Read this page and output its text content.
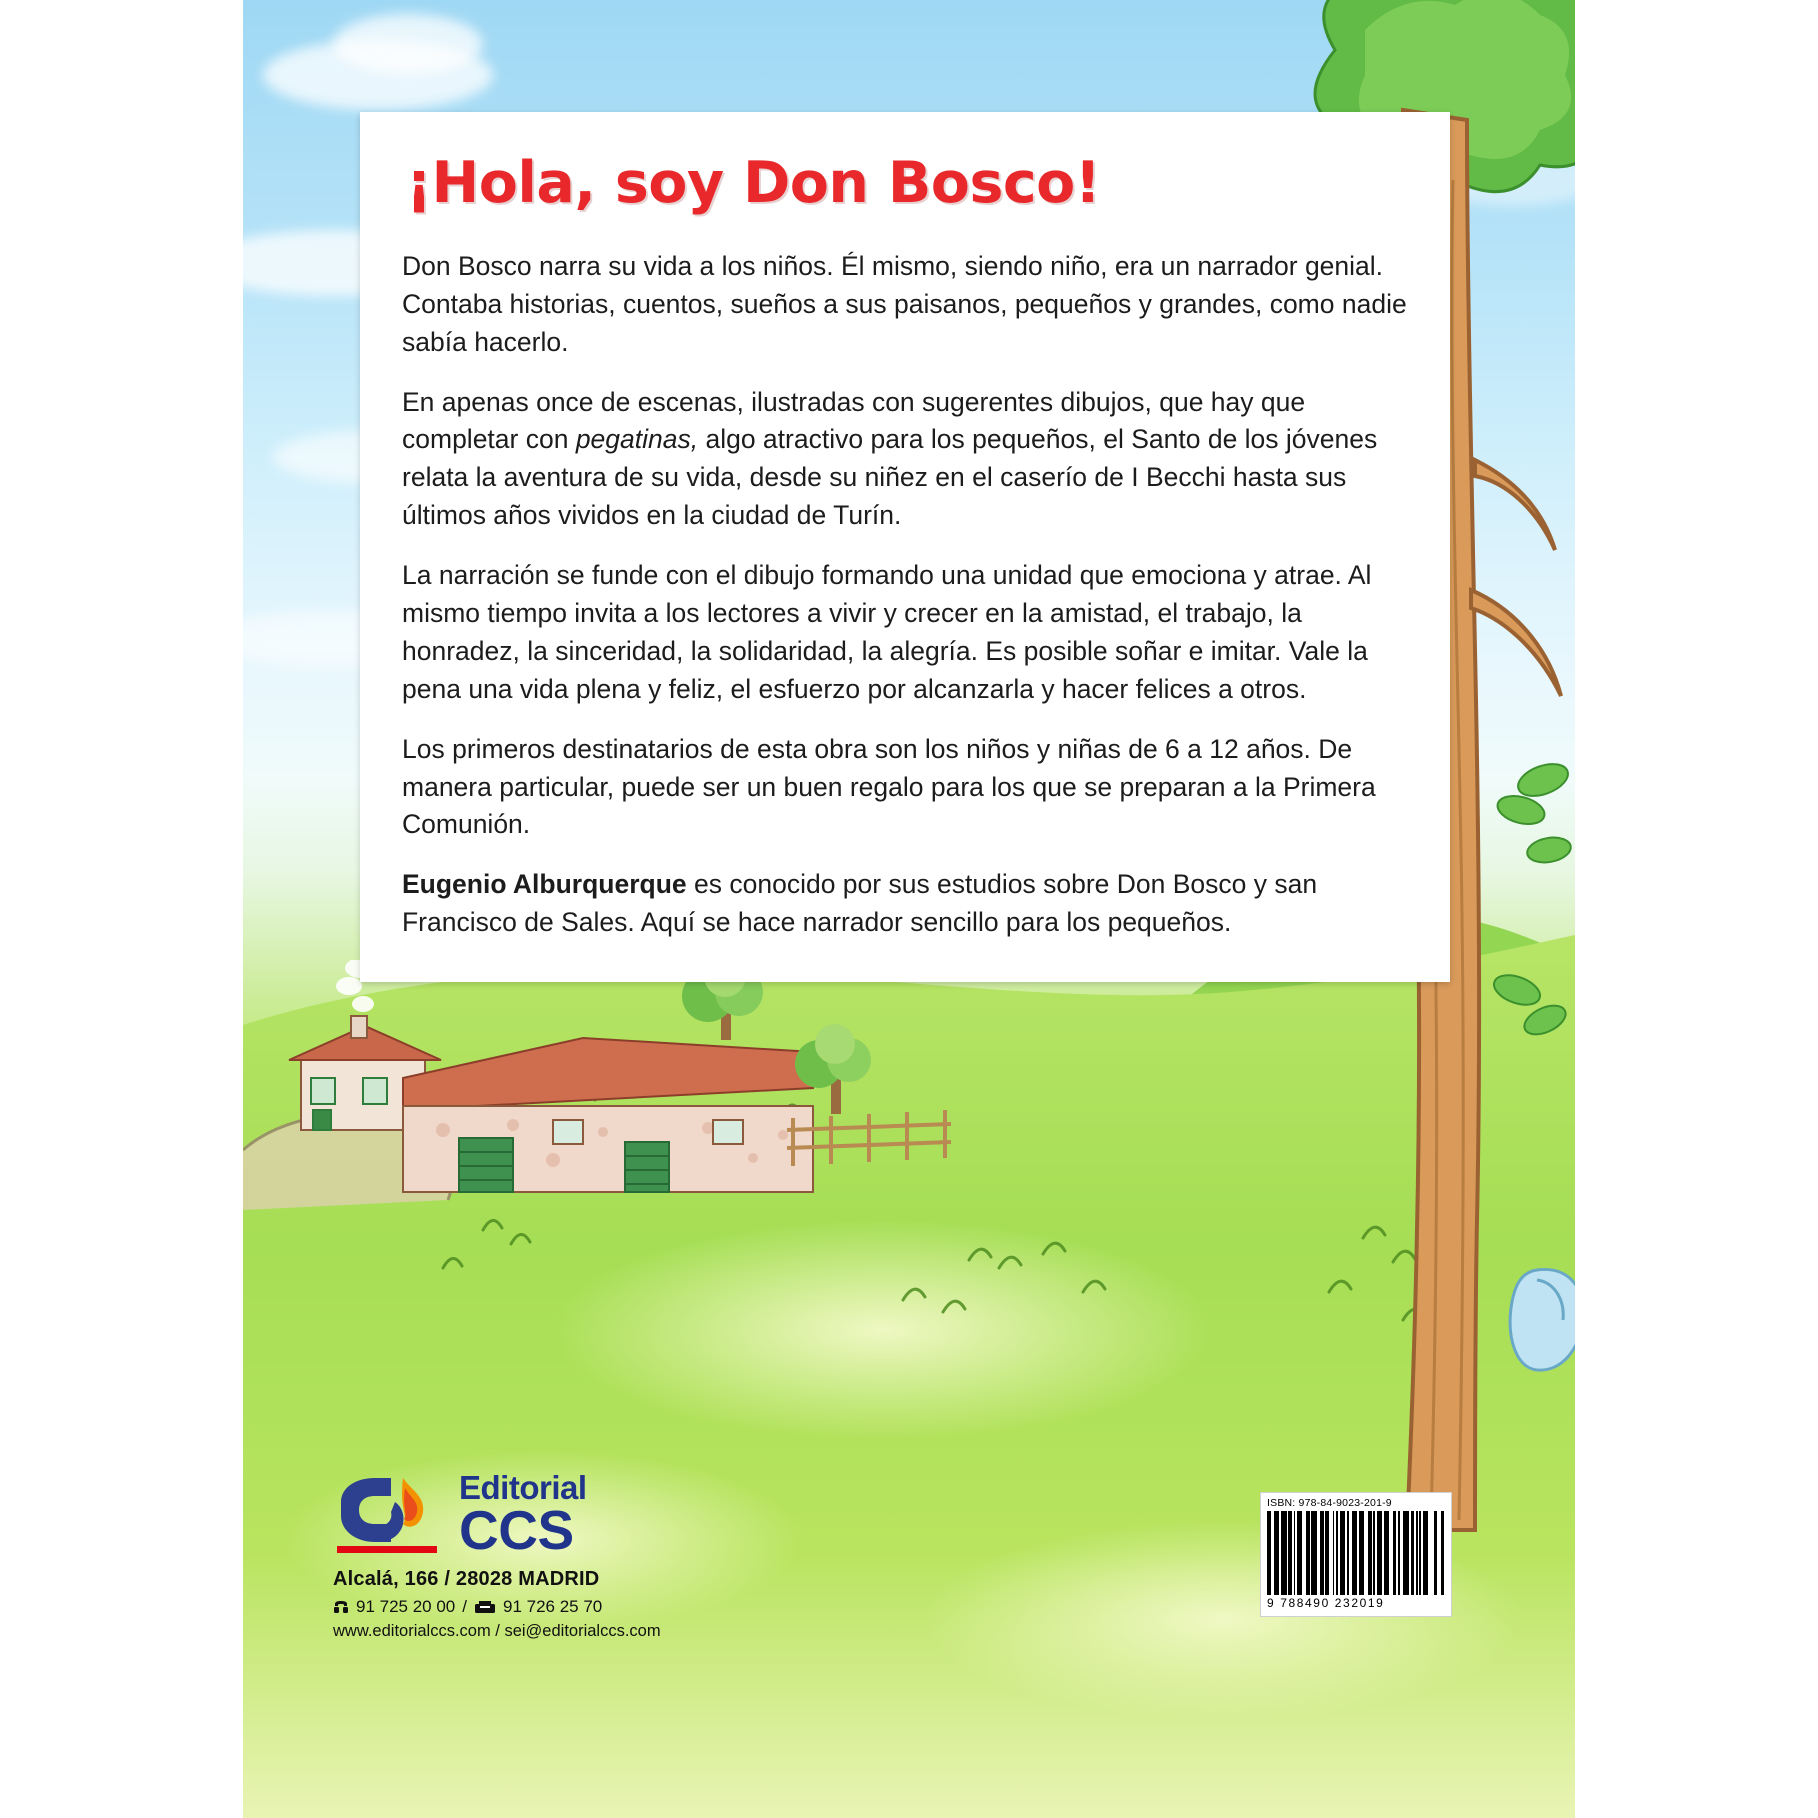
¡Hola, soy Don Bosco!

Don Bosco narra su vida a los niños. Él mismo, siendo niño, era un narrador genial. Contaba historias, cuentos, sueños a sus paisanos, pequeños y grandes, como nadie sabía hacerlo.

En apenas once de escenas, ilustradas con sugerentes dibujos, que hay que completar con pegatinas, algo atractivo para los pequeños, el Santo de los jóvenes relata la aventura de su vida, desde su niñez en el caserío de I Becchi hasta sus últimos años vividos en la ciudad de Turín.

La narración se funde con el dibujo formando una unidad que emociona y atrae. Al mismo tiempo invita a los lectores a vivir y crecer en la amistad, el trabajo, la honradez, la sinceridad, la solidaridad, la alegría. Es posible soñar e imitar. Vale la pena una vida plena y feliz, el esfuerzo por alcanzarla y hacer felices a otros.

Los primeros destinatarios de esta obra son los niños y niñas de 6 a 12 años. De manera particular, puede ser un buen regalo para los que se preparan a la Primera Comunión.

Eugenio Alburquerque es conocido por sus estudios sobre Don Bosco y san Francisco de Sales. Aquí se hace narrador sencillo para los pequeños.

Editorial
CCS
Alcalá, 166 / 28028 MADRID
91 725 20 00 / 91 726 25 70
www.editorialccs.com / sei@editorialccs.com
ISBN: 978-84-9023-201-9
9 788490 232019
